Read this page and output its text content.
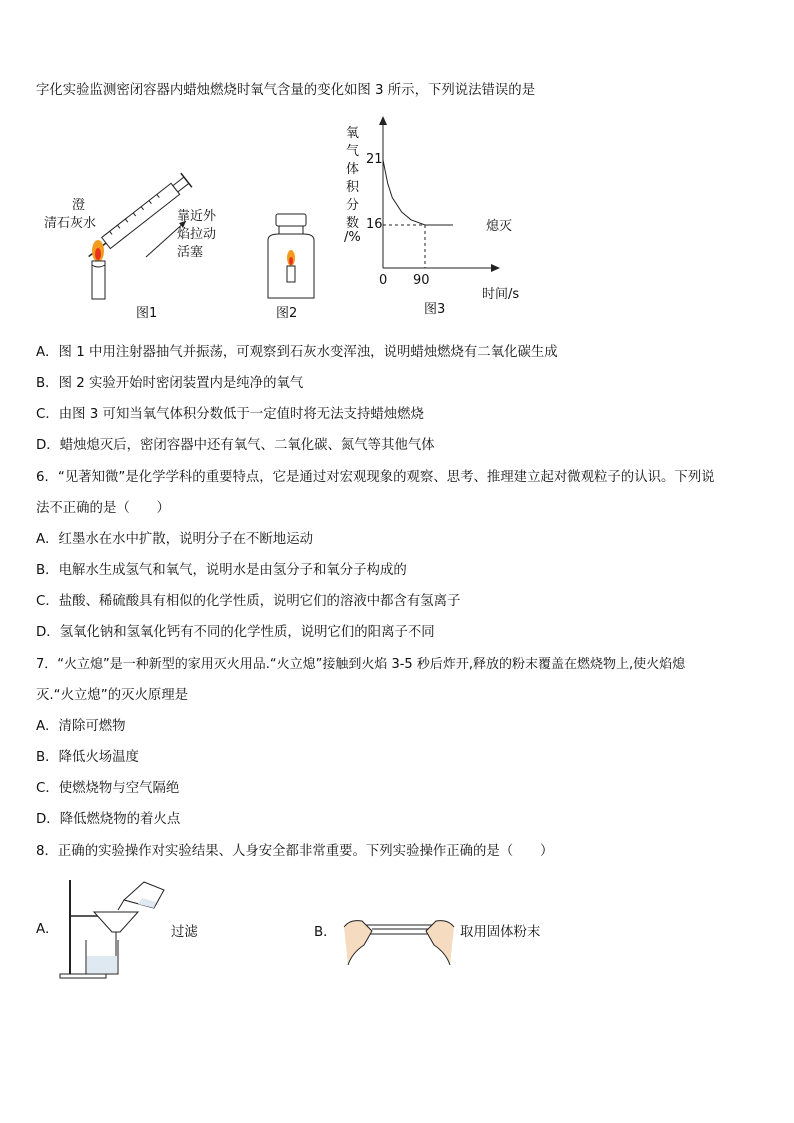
字化实验监测密闭容器内蜡烛燃烧时氧气含量的变化如图 3 所示，下列说法错误的是
澄
清石灰水	靠近外
焰拉动
活塞
图1	图2
氧
气
体
积
分
数
/%
21
16
0 90
熄灭
时间/s
图3
A．图 1 中用注射器抽气并振荡，可观察到石灰水变浑浊，说明蜡烛燃烧有二氧化碳生成
B．图 2 实验开始时密闭装置内是纯净的氧气
C．由图 3 可知当氧气体积分数低于一定值时将无法支持蜡烛燃烧
D．蜡烛熄灭后，密闭容器中还有氧气、二氧化碳、氮气等其他气体
6．“见著知微”是化学学科的重要特点，它是通过对宏观现象的观察、思考、推理建立起对微观粒子的认识。下列说
法不正确的是（　　）
A．红墨水在水中扩散，说明分子在不断地运动
B．电解水生成氢气和氧气，说明水是由氢分子和氧分子构成的
C．盐酸、稀硫酸具有相似的化学性质，说明它们的溶液中都含有氢离子
D．氢氧化钠和氢氧化钙有不同的化学性质，说明它们的阳离子不同
7．“火立熄”是一种新型的家用灭火用品.“火立熄”接触到火焰 3-5 秒后炸开,释放的粉末覆盖在燃烧物上,使火焰熄
灭.“火立熄”的灭火原理是
A．清除可燃物
B．降低火场温度
C．使燃烧物与空气隔绝
D．降低燃烧物的着火点
8．正确的实验操作对实验结果、人身安全都非常重要。下列实验操作正确的是（　　）
A．	过滤	B．	取用固体粉末
